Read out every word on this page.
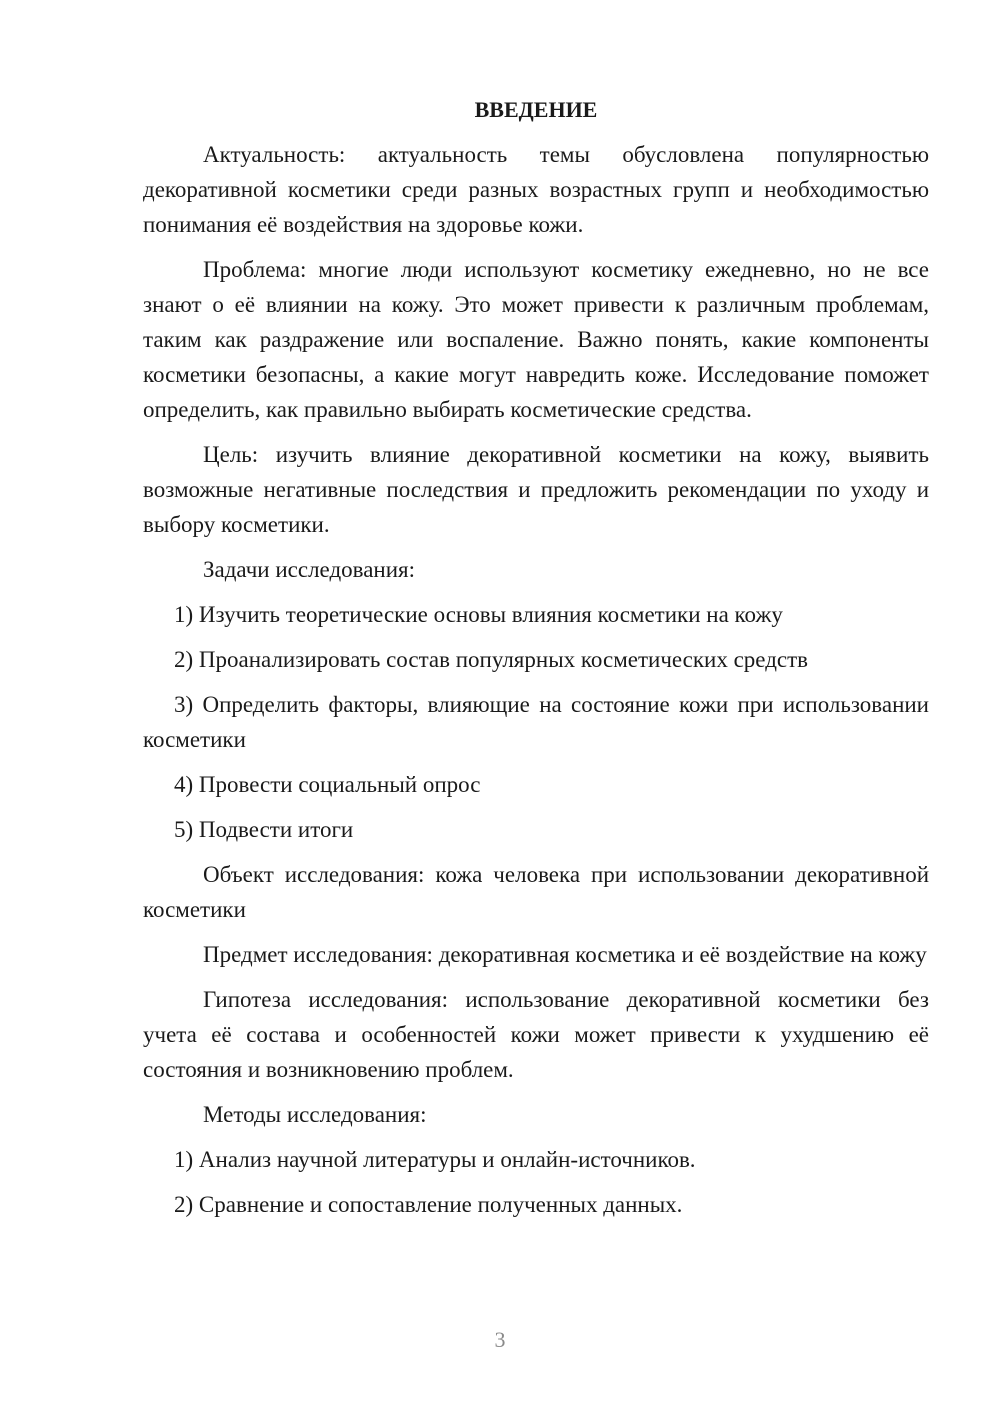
ВВЕДЕНИЕ

Актуальность: актуальность темы обусловлена популярностью декоративной косметики среди разных возрастных групп и необходимостью понимания её воздействия на здоровье кожи.

Проблема: многие люди используют косметику ежедневно, но не все знают о её влиянии на кожу. Это может привести к различным проблемам, таким как раздражение или воспаление. Важно понять, какие компоненты косметики безопасны, а какие могут навредить коже. Исследование поможет определить, как правильно выбирать косметические средства.

Цель: изучить влияние декоративной косметики на кожу, выявить возможные негативные последствия и предложить рекомендации по уходу и выбору косметики.

Задачи исследования:

1) Изучить теоретические основы влияния косметики на кожу

2) Проанализировать состав популярных косметических средств

3) Определить факторы, влияющие на состояние кожи при использовании косметики

4) Провести социальный опрос

5) Подвести итоги

Объект исследования: кожа человека при использовании декоративной косметики

Предмет исследования: декоративная косметика и её воздействие на кожу

Гипотеза исследования: использование декоративной косметики без учета её состава и особенностей кожи может привести к ухудшению её состояния и возникновению проблем.

Методы исследования:

1) Анализ научной литературы и онлайн-источников.

2) Сравнение и сопоставление полученных данных.

3
